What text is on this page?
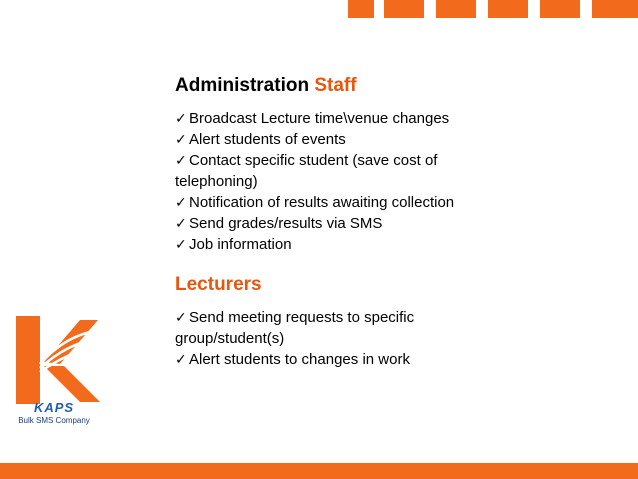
KAPS
Bulk SMS Company
Administration Staff
✓ Broadcast Lecture time\venue changes
✓ Alert students of events
✓ Contact specific student (save cost of telephoning)
✓ Notification of results awaiting collection
✓ Send grades/results via SMS
✓ Job information
Lecturers
✓ Send meeting requests to specific group/student(s)
✓ Alert students to changes in work
